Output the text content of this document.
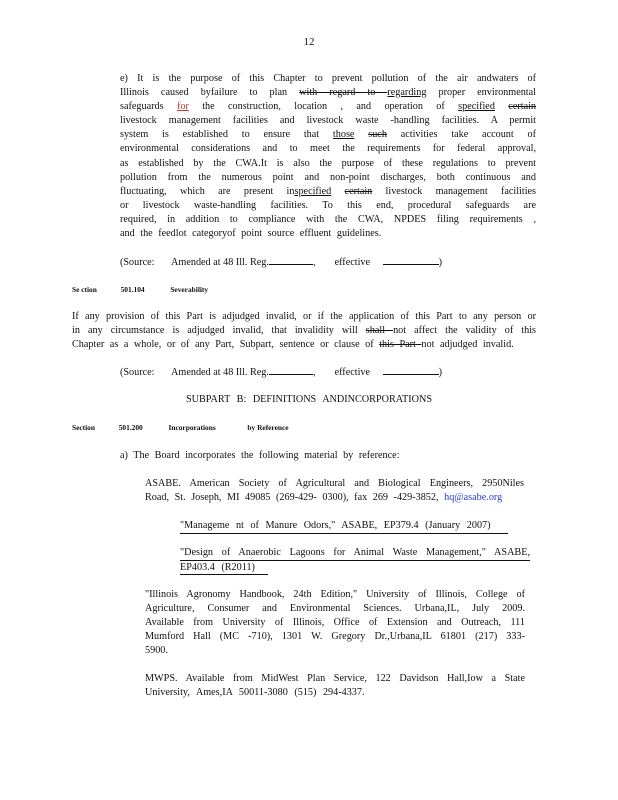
12

e) It is the purpose of this Chapter to prevent pollution of the air andwaters of

Illinois caused byfailure to plan with regard to regarding proper environmental

safeguards for the construction, location , and operation of specified certain

livestock management facilities and livestock waste -handling facilities. A permit

system is established to ensure that those such activities take account of

environmental considerations and to meet the requirements for federal approval,

as established by the CWA.It is also the purpose of these regulations to prevent

pollution from the numerous point and non-point discharges, both continuous and

fluctuating, which are present inspecified certain livestock management facilities

or livestock waste-handling facilities. To this end, procedural safeguards are

required, in addition to compliance with the CWA, NPDES filing requirements ,

and the feedlot categoryof point source effluent guidelines.

(Source: Amended at 48 Ill. Reg.	, effective	)
Se ction	501.104	Severability

If any provision of this Part is adjudged invalid, or if the application of this Part to any person or

in any circumstance is adjudged invalid, that invalidity will shall not affect the validity of this

Chapter as a whole, or of any Part, Subpart, sentence or clause of this Part not adjudged invalid.

(Source: Amended at 48 Ill. Reg.	, effective	)
SUBPART B: DEFINITIONS ANDINCORPORATIONS
Section	501.200	Incorporations	by Reference
a) The Board incorporates the following material by reference:

ASABE. American Society of Agricultural and Biological Engineers, 2950Niles

Road, St. Joseph, MI 49085 (269-429- 0300), fax 269 -429-3852, hq@asabe.org

"Manageme nt of Manure Odors," ASABE, EP379.4 (January 2007)

"Design of Anaerobic Lagoons for Animal Waste Management," ASABE,

EP403.4 (R2011)

"Illinois Agronomy Handbook, 24th Edition," University of Illinois, College of

Agriculture, Consumer and Environmental Sciences. Urbana,IL, July 2009.

Available from University of Illinois, Office of Extension and Outreach, 111

Mumford Hall (MC -710), 1301 W. Gregory Dr.,Urbana,IL 61801 (217) 333-

5900.

MWPS. Available from MidWest Plan Service, 122 Davidson Hall,Iow a State

University, Ames,IA 50011-3080 (515) 294-4337.
